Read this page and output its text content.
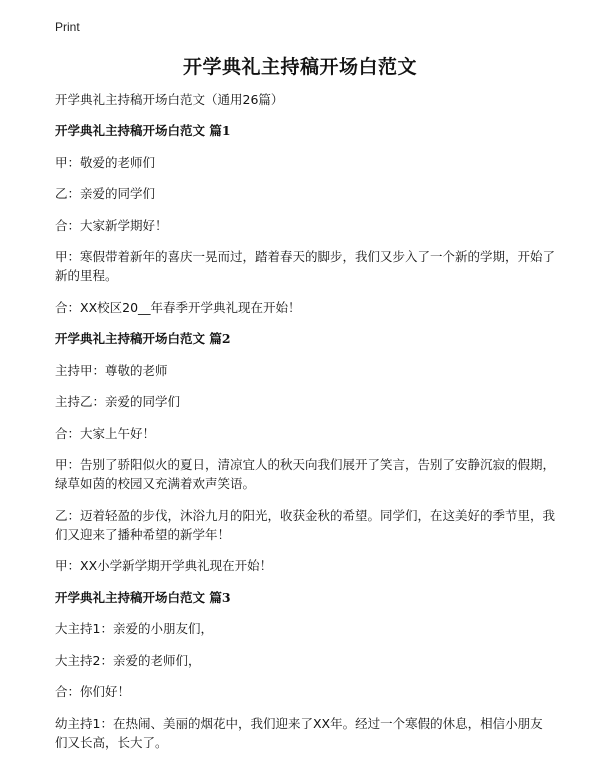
Print
开学典礼主持稿开场白范文
开学典礼主持稿开场白范文（通用26篇）
开学典礼主持稿开场白范文 篇1
甲：敬爱的老师们
乙：亲爱的同学们
合：大家新学期好！
甲：寒假带着新年的喜庆一晃而过，踏着春天的脚步，我们又步入了一个新的学期，开始了新的里程。
合：XX校区20__年春季开学典礼现在开始！
开学典礼主持稿开场白范文 篇2
主持甲：尊敬的老师
主持乙：亲爱的同学们
合：大家上午好！
甲：告别了骄阳似火的夏日，清凉宜人的秋天向我们展开了笑言，告别了安静沉寂的假期，绿草如茵的校园又充满着欢声笑语。
乙：迈着轻盈的步伐，沐浴九月的阳光，收获金秋的希望。同学们，在这美好的季节里，我们又迎来了播种希望的新学年！
甲：XX小学新学期开学典礼现在开始！
开学典礼主持稿开场白范文 篇3
大主持1：亲爱的小朋友们，
大主持2：亲爱的老师们，
合：你们好！
幼主持1：在热闹、美丽的烟花中，我们迎来了XX年。经过一个寒假的休息，相信小朋友们又长高，长大了。
